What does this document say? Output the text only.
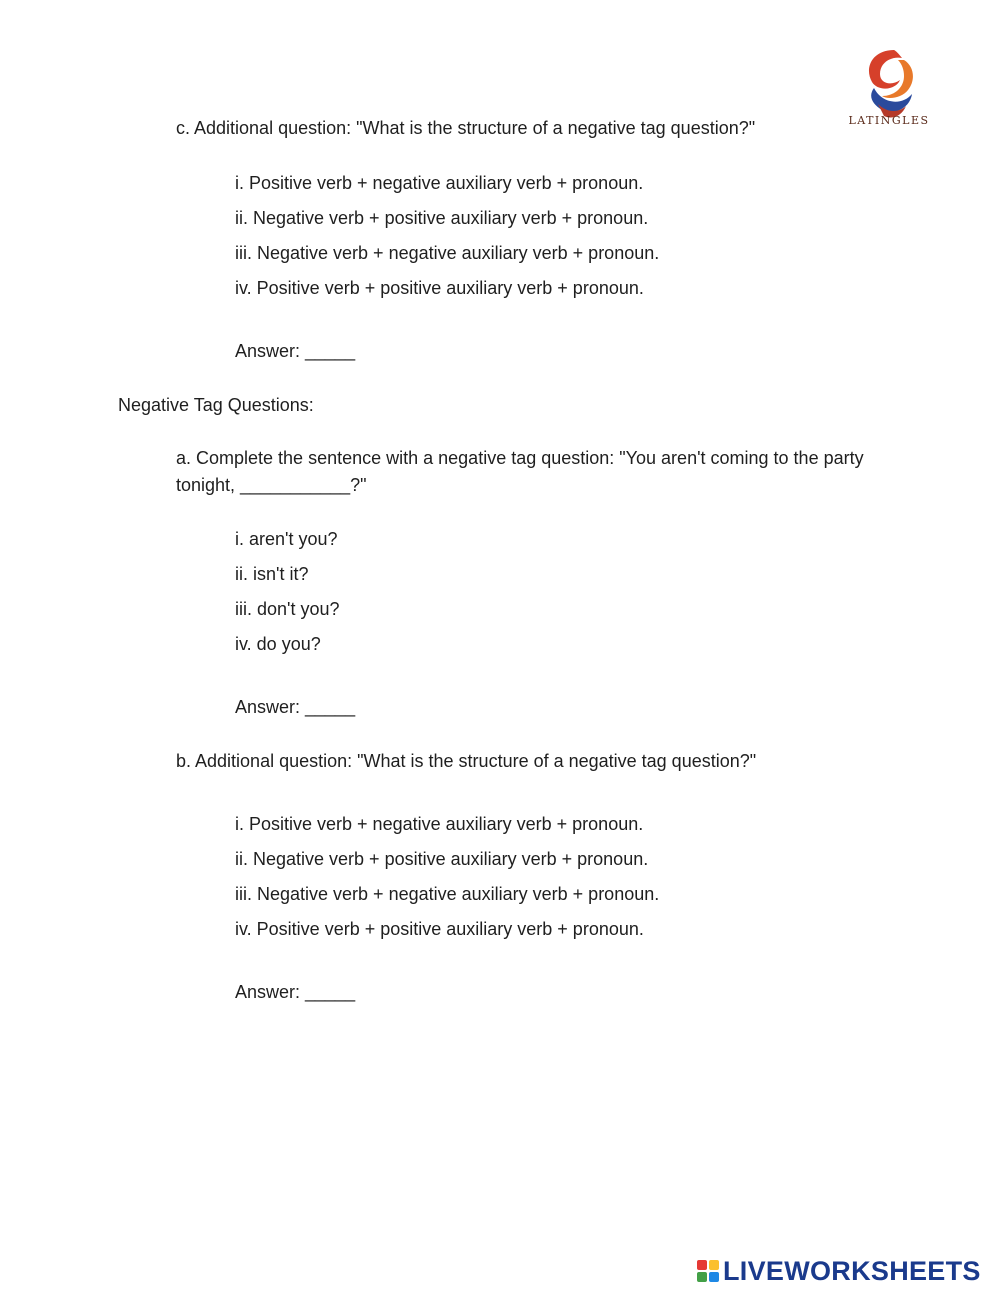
LATINGLES
c. Additional question: "What is the structure of a negative tag question?"
i. Positive verb + negative auxiliary verb + pronoun.
ii. Negative verb + positive auxiliary verb + pronoun.
iii. Negative verb + negative auxiliary verb + pronoun.
iv. Positive verb + positive auxiliary verb + pronoun.
Answer: _____
Negative Tag Questions:
a. Complete the sentence with a negative tag question: "You aren't coming to the party tonight, ___________?"
i. aren't you?
ii. isn't it?
iii. don't you?
iv. do you?
Answer: _____
b. Additional question: "What is the structure of a negative tag question?"
i. Positive verb + negative auxiliary verb + pronoun.
ii. Negative verb + positive auxiliary verb + pronoun.
iii. Negative verb + negative auxiliary verb + pronoun.
iv. Positive verb + positive auxiliary verb + pronoun.
Answer: _____
LIVEWORKSHEETS
